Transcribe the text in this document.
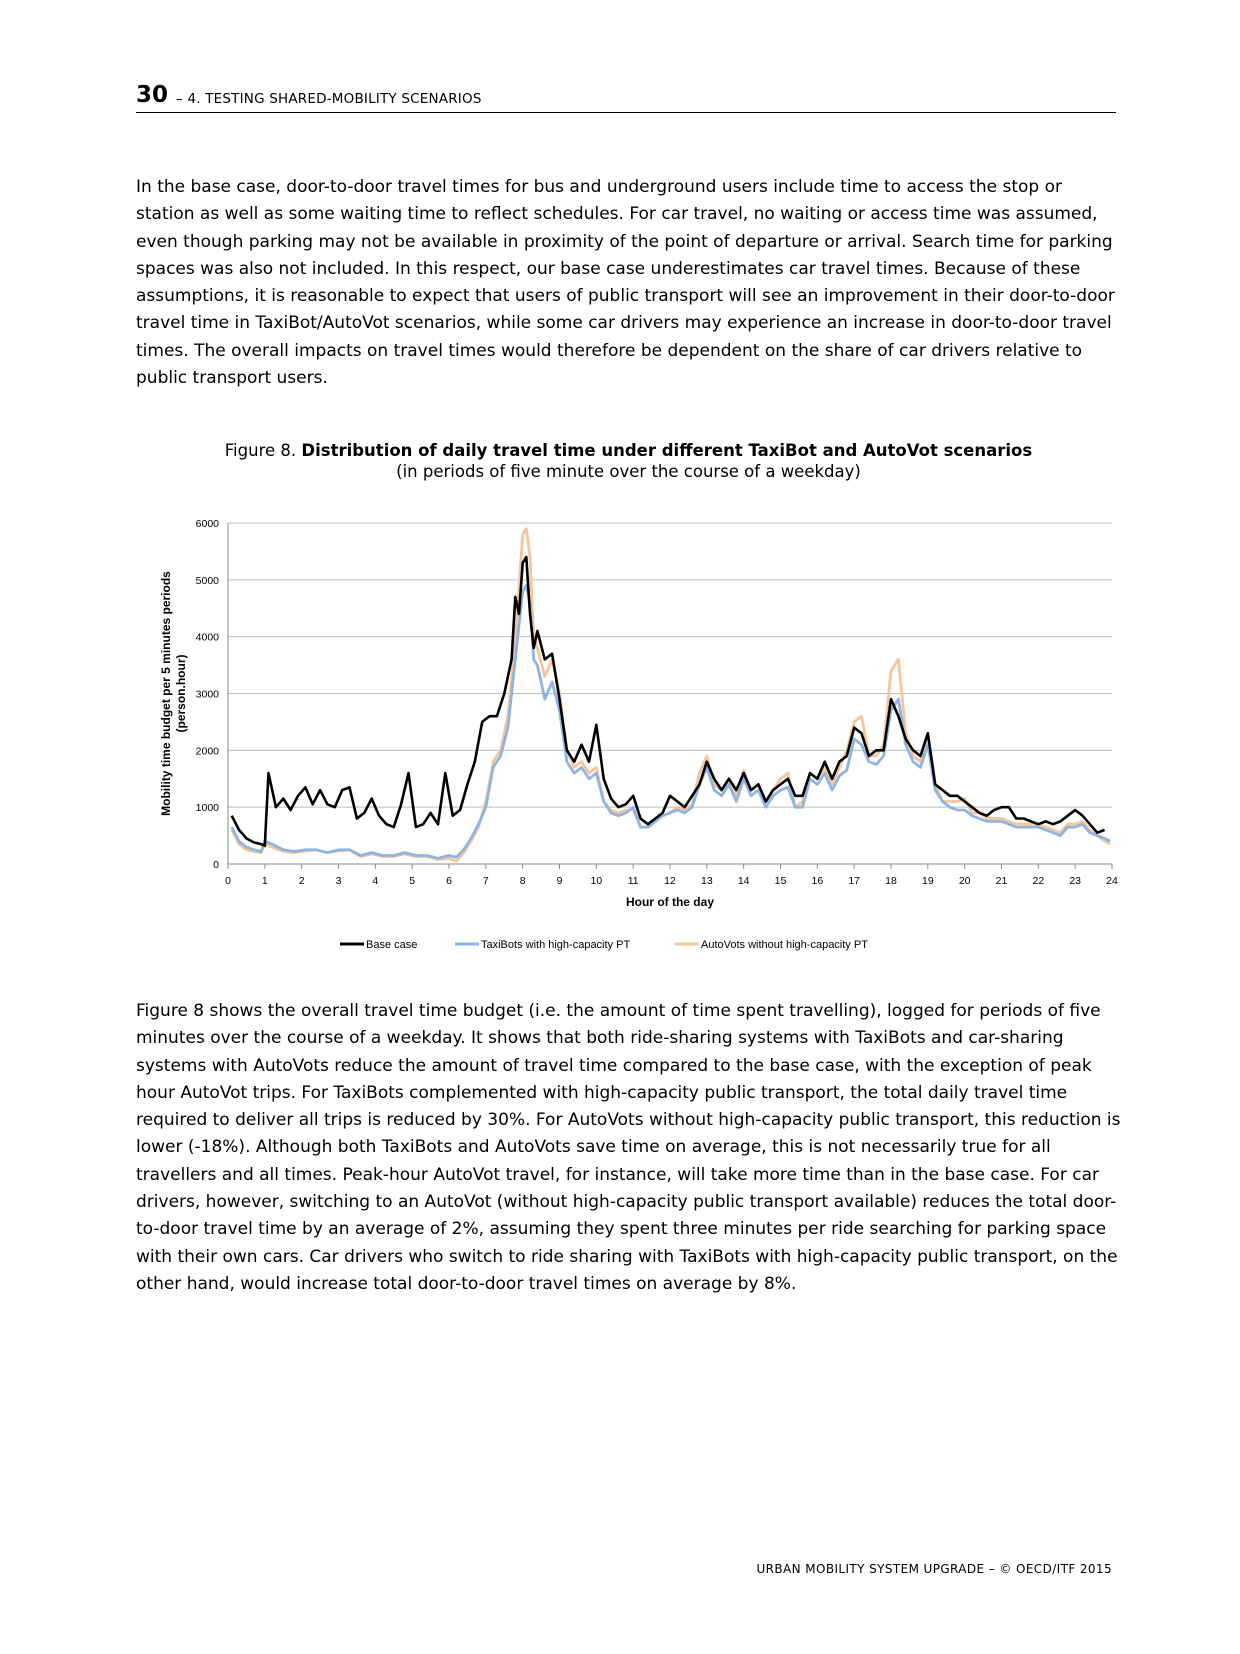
30 – 4. TESTING SHARED-MOBILITY SCENARIOS

In the base case, door-to-door travel times for bus and underground users include time to access the stop or station as well as some waiting time to reflect schedules. For car travel, no waiting or access time was assumed, even though parking may not be available in proximity of the point of departure or arrival. Search time for parking spaces was also not included. In this respect, our base case underestimates car travel times. Because of these assumptions, it is reasonable to expect that users of public transport will see an improvement in their door-to-door travel time in TaxiBot/AutoVot scenarios, while some car drivers may experience an increase in door-to-door travel times. The overall impacts on travel times would therefore be dependent on the share of car drivers relative to public transport users.

Figure 8. Distribution of daily travel time under different TaxiBot and AutoVot scenarios
(in periods of five minute over the course of a weekday)
0
1000
2000
3000
4000
5000
6000
0	1	2	3	4	5	6	7	8	9	10 11 12 13 14 15 16 17 18 19 20 21 22 23 24
Hour of the day
Mobility time budget per 5 minutes periods (person.hour)
Base case	TaxiBots with high-capacity PT	AutoVots without high-capacity PT

Figure 8 shows the overall travel time budget (i.e. the amount of time spent travelling), logged for periods of five minutes over the course of a weekday. It shows that both ride-sharing systems with TaxiBots and car-sharing systems with AutoVots reduce the amount of travel time compared to the base case, with the exception of peak hour AutoVot trips. For TaxiBots complemented with high-capacity public transport, the total daily travel time required to deliver all trips is reduced by 30%. For AutoVots without high-capacity public transport, this reduction is lower (-18%). Although both TaxiBots and AutoVots save time on average, this is not necessarily true for all travellers and all times. Peak-hour AutoVot travel, for instance, will take more time than in the base case. For car drivers, however, switching to an AutoVot (without high-capacity public transport available) reduces the total door-to-door travel time by an average of 2%, assuming they spent three minutes per ride searching for parking space with their own cars. Car drivers who switch to ride sharing with TaxiBots with high-capacity public transport, on the other hand, would increase total door-to-door travel times on average by 8%.

URBAN MOBILITY SYSTEM UPGRADE – © OECD/ITF 2015
